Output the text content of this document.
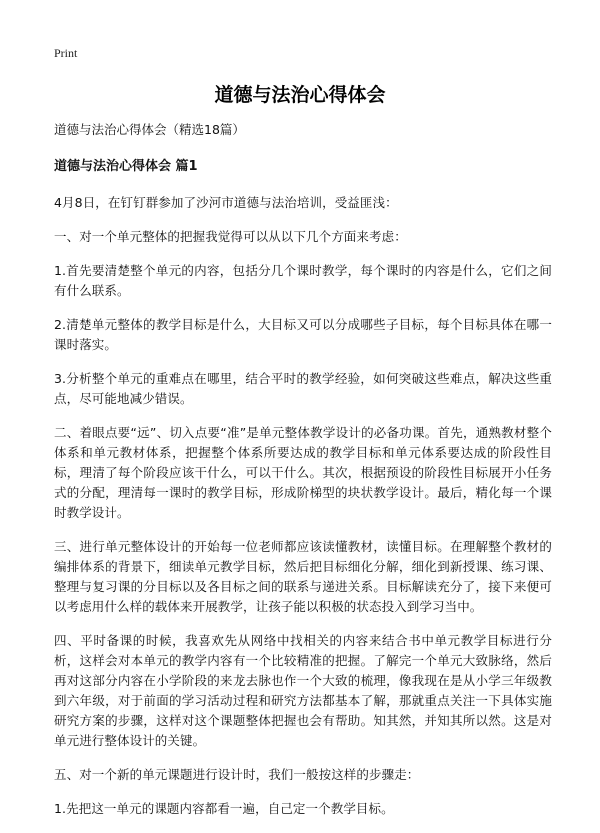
Print
道德与法治心得体会

道德与法治心得体会（精选18篇）

道德与法治心得体会 篇1

4月8日，在钉钉群参加了沙河市道德与法治培训，受益匪浅：

一、对一个单元整体的把握我觉得可以从以下几个方面来考虑：

1.首先要清楚整个单元的内容，包括分几个课时教学，每个课时的内容是什么，它们之间有什么联系。

2.清楚单元整体的教学目标是什么，大目标又可以分成哪些子目标，每个目标具体在哪一课时落实。

3.分析整个单元的重难点在哪里，结合平时的教学经验，如何突破这些难点，解决这些重点，尽可能地减少错误。

二、着眼点要“远”、切入点要“准”是单元整体教学设计的必备功课。首先，通熟教材整个体系和单元教材体系，把握整个体系所要达成的教学目标和单元体系要达成的阶段性目标，理清了每个阶段应该干什么，可以干什么。其次，根据预设的阶段性目标展开小任务式的分配，理清每一课时的教学目标，形成阶梯型的块状教学设计。最后，精化每一个课时教学设计。

三、进行单元整体设计的开始每一位老师都应该读懂教材，读懂目标。在理解整个教材的编排体系的背景下，细读单元教学目标，然后把目标细化分解，细化到新授课、练习课、整理与复习课的分目标以及各目标之间的联系与递进关系。目标解读充分了，接下来便可以考虑用什么样的载体来开展教学，让孩子能以积极的状态投入到学习当中。

四、平时备课的时候，我喜欢先从网络中找相关的内容来结合书中单元教学目标进行分析，这样会对本单元的教学内容有一个比较精准的把握。了解完一个单元大致脉络，然后再对这部分内容在小学阶段的来龙去脉也作一个大致的梳理，像我现在是从小学三年级教到六年级，对于前面的学习活动过程和研究方法都基本了解，那就重点关注一下具体实施研究方案的步骤，这样对这个课题整体把握也会有帮助。知其然，并知其所以然。这是对单元进行整体设计的关键。

五、对一个新的单元课题进行设计时，我们一般按这样的步骤走：

1.先把这一单元的课题内容都看一遍，自己定一个教学目标。
